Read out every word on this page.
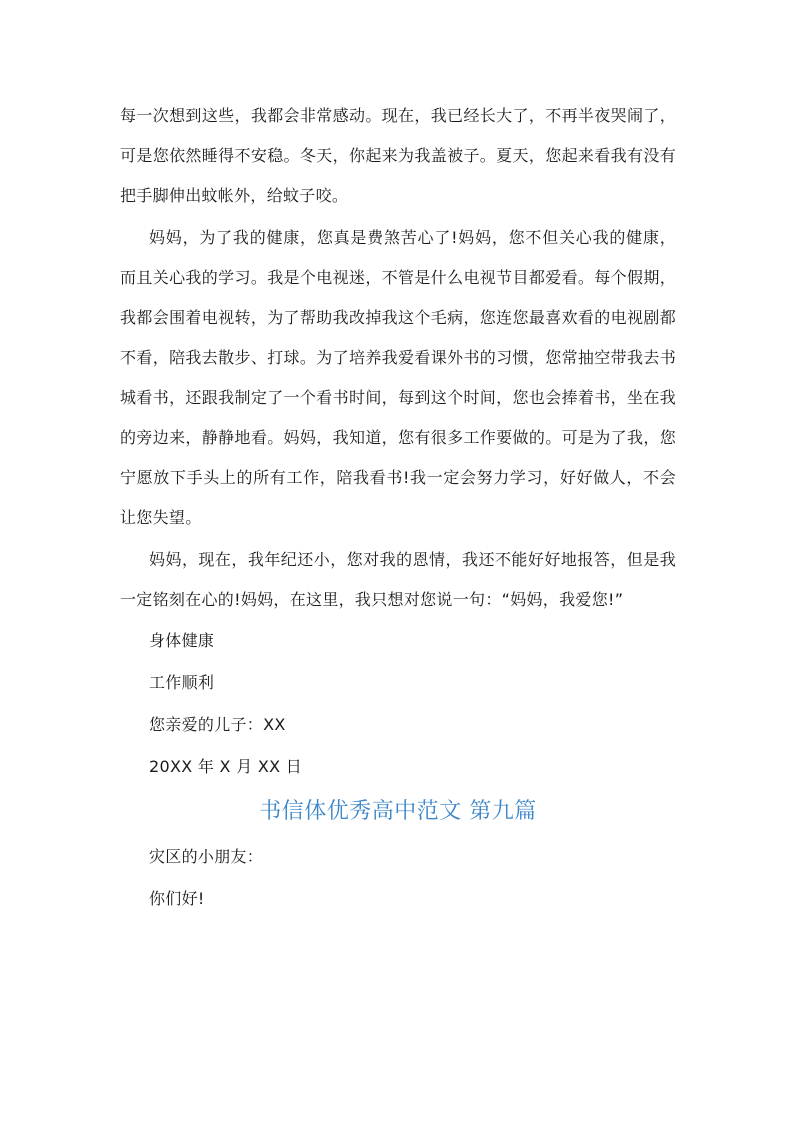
每一次想到这些，我都会非常感动。现在，我已经长大了，不再半夜哭闹了，可是您依然睡得不安稳。冬天，你起来为我盖被子。夏天，您起来看我有没有把手脚伸出蚊帐外，给蚊子咬。

妈妈，为了我的健康，您真是费煞苦心了!妈妈，您不但关心我的健康，而且关心我的学习。我是个电视迷，不管是什么电视节目都爱看。每个假期，我都会围着电视转，为了帮助我改掉我这个毛病，您连您最喜欢看的电视剧都不看，陪我去散步、打球。为了培养我爱看课外书的习惯，您常抽空带我去书城看书，还跟我制定了一个看书时间，每到这个时间，您也会捧着书，坐在我的旁边来，静静地看。妈妈，我知道，您有很多工作要做的。可是为了我，您宁愿放下手头上的所有工作，陪我看书!我一定会努力学习，好好做人，不会让您失望。

妈妈，现在，我年纪还小，您对我的恩情，我还不能好好地报答，但是我一定铭刻在心的!妈妈，在这里，我只想对您说一句：“妈妈，我爱您!”

身体健康

工作顺利

您亲爱的儿子：XX

20XX 年 X 月 XX 日

书信体优秀高中范文 第九篇

灾区的小朋友：

你们好!
